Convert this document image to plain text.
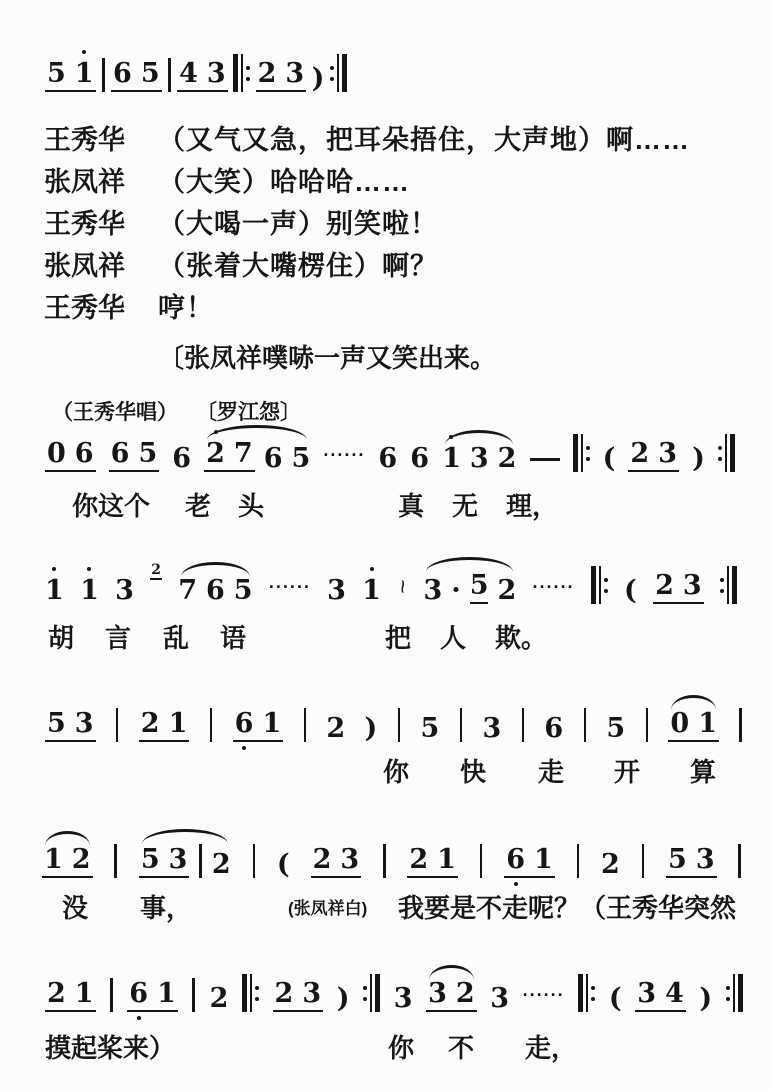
5 1 6 5 4 3 2 3 )
王秀华	（又气又急，把耳朵捂住，大声地）啊……
张凤祥	（大笑）哈哈哈……
王秀华	（大喝一声）别笑啦！
张凤祥	（张着大嘴楞住）啊？
王秀华	哼！
〔张凤祥噗哧一声又笑出来。
（王秀华唱） 〔罗江怨〕
0 6 6 5 6 2 7 6 5 ······ 6 6 1 3 2	( 2 3 )
你这个 老 头	真 无 理，
1 1 3
2
7 6 5 ······ 3 1 ~ 3 · 5 2 ······ ( 2 3
胡 言 乱 语	把 人 欺。
5 3 2 1 6 1 2 ) 5 3 6 5 0 1
你 快 走 开 算
1 2 5 3 2 ( 2 3 2 1 6 1 2 5 3
没 事，	(张凤祥白) 我要是不走呢？（王秀华突然
2 1 6 1 2 2 3 ) 3 3 2 3 ······ ( 3 4 )
摸起桨来）	你 不 走，
